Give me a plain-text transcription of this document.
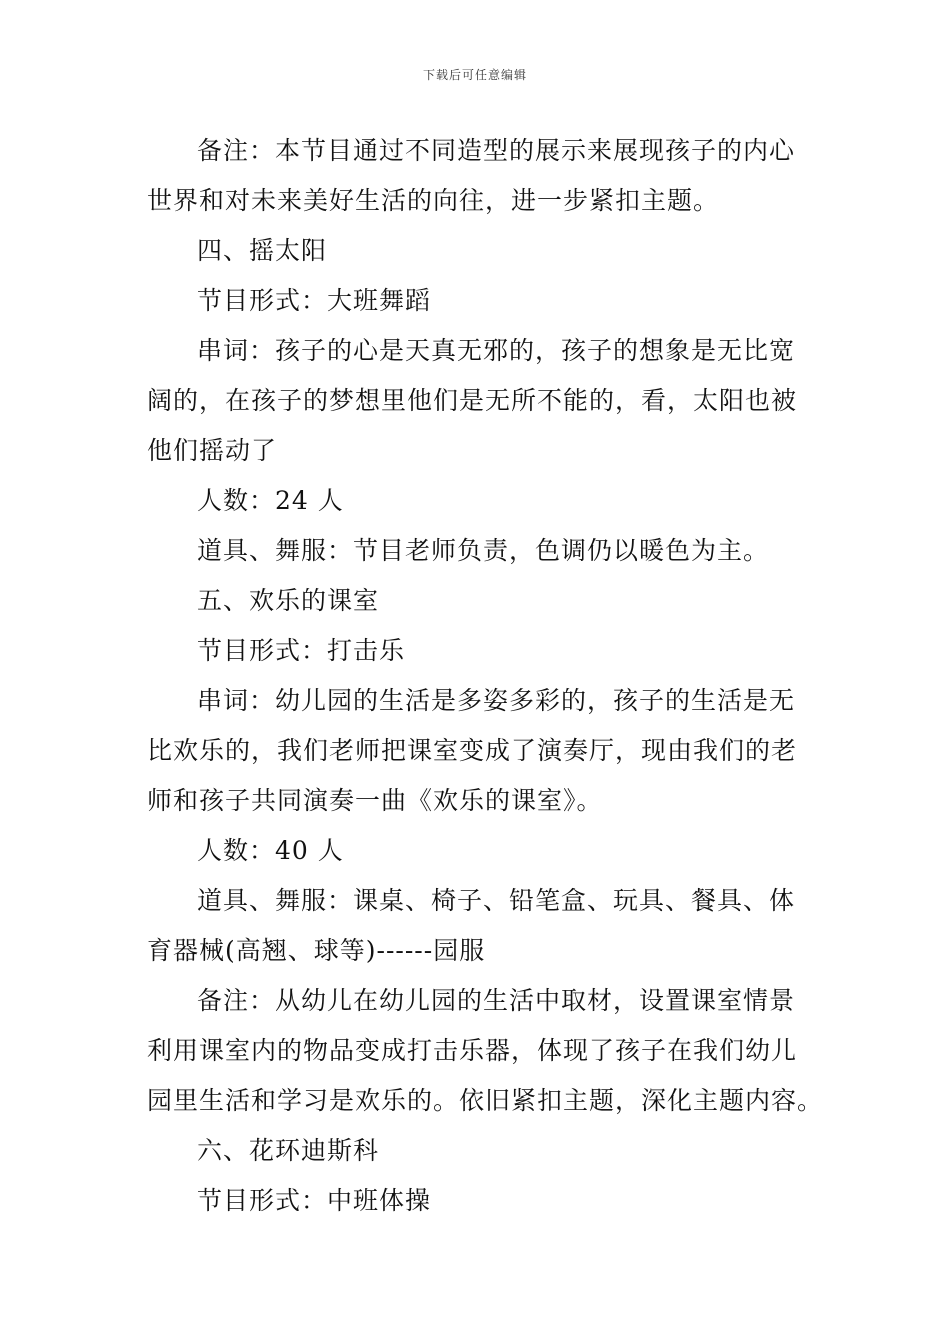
下载后可任意编辑
备注：本节目通过不同造型的展示来展现孩子的内心
世界和对未来美好生活的向往，进一步紧扣主题。
四、摇太阳
节目形式：大班舞蹈
串词：孩子的心是天真无邪的，孩子的想象是无比宽
阔的，在孩子的梦想里他们是无所不能的，看，太阳也被
他们摇动了
人数：24 人
道具、舞服：节目老师负责，色调仍以暖色为主。
五、欢乐的课室
节目形式：打击乐
串词：幼儿园的生活是多姿多彩的，孩子的生活是无
比欢乐的，我们老师把课室变成了演奏厅，现由我们的老
师和孩子共同演奏一曲《欢乐的课室》。
人数：40 人
道具、舞服：课桌、椅子、铅笔盒、玩具、餐具、体
育器械(高翘、球等)------园服
备注：从幼儿在幼儿园的生活中取材，设置课室情景
利用课室内的物品变成打击乐器，体现了孩子在我们幼儿
园里生活和学习是欢乐的。依旧紧扣主题，深化主题内容。
六、花环迪斯科
节目形式：中班体操
